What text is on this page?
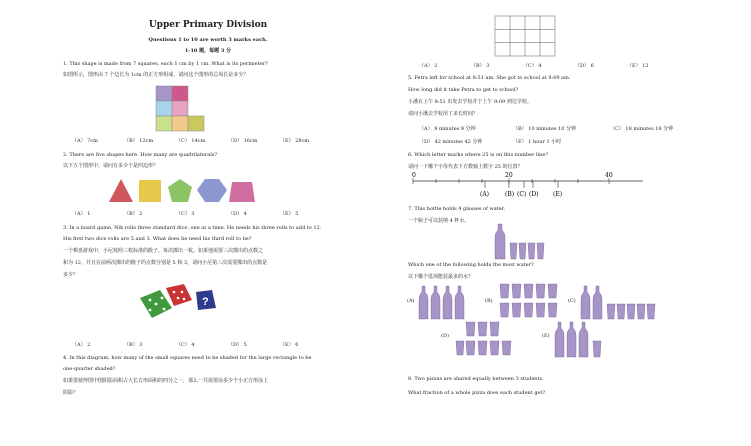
Upper Primary Division
Questions 1 to 10 are worth 3 marks each.
1-10 题，每题 3 分
1. This shape is made from 7 squares, each 1 cm by 1 cm. What is its perimeter?
如图所示，图形由 7 个边长为 1cm 的正方形组成，请问这个图形的总周长是多少？
（A） 7cm	（B） 12cm	（C） 14cm	（D） 16cm	（E） 28cm
2. There are five shapes here. How many are quadrilaterals?
以下五个图形中，请问有多少个是四边形？
（A） 1	（B） 2	（C） 3	（D） 4	（E） 5
3. In a board game, Nik rolls three standard dice, one at a time. He needs his three rolls to add to 12.
His first two dice rolls are 5 and 3. What does he need his third roll to be?
一个棋盘游戏中，小尼按照三枚标准的骰子，每次掷出一枚。如果他需要三次掷出的点数之
和为 12，并且在前两次掷出的骰子的点数分别是 5 和 3，请问小尼第三次需要掷出的点数是
多少？
?
（A） 2	（B） 3	（C） 4	（D） 5	（E） 6
4. In this diagram, how many of the small squares need to be shaded for the large rectangle to be
one-quarter shaded?
如果要使得图中图阴影面积占大长方形面积的四分之一，那么一共需要涂多少个小正方形涂上
阴影？
（A） 2	（B） 3	（C） 4	（D） 6	（E） 12
5. Petra left for school at 8:51 am. She got to school at 9:09 am.
How long did it take Petra to get to school?
小潘在上午 8:51 出发去学校并于上午 9:09 到达学校。
请问小潘去学校用了多长时间？
（A） 9 minutes 9 分钟	（B） 10 minutes 10 分钟	（C） 18 minutes 18 分钟
（D） 42 minutes 42 分钟	（E） 1 hour 1 小时
6. Which letter marks where 25 is on this number line?
请问一下哪个字母代表下方数轴上数字 25 的位置？
0	20	40
(A)	(B) (C) (D) (E)
7. This bottle holds 4 glasses of water.
一个瓶子可以装纳 4 杯水。
Which one of the following holds the most water?
以下哪个选项能装最多的水？
(A)	(B)	(C)
(D)	(E)
8. Two pizzas are shared equally between 3 students.
What fraction of a whole pizza does each student get?
